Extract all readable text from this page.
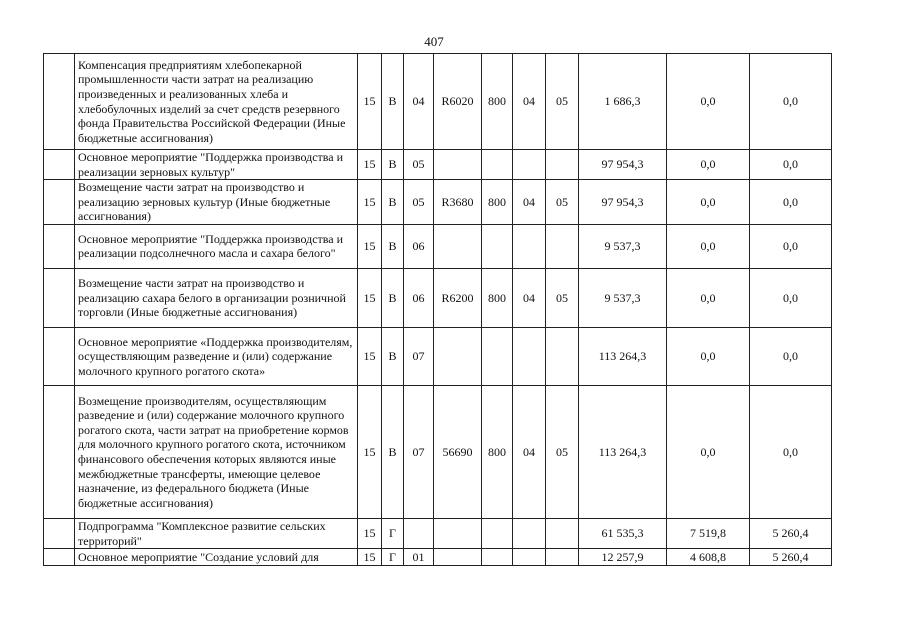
407
	Компенсация предприятиям хлебопекарной промышленности части затрат на реализацию произведенных и реализованных хлеба и хлебобулочных изделий за счет средств резервного фонда Правительства Российской Федерации (Иные бюджетные ассигнования)	15	В	04	R6020	800	04	05	1 686,3	0,0	0,0
	Основное мероприятие "Поддержка производства и реализации зерновых культур"	15	В	05					97 954,3	0,0	0,0
	Возмещение части затрат на производство и реализацию зерновых культур (Иные бюджетные ассигнования)	15	В	05	R3680	800	04	05	97 954,3	0,0	0,0
	Основное мероприятие "Поддержка производства и реализации подсолнечного масла и сахара белого"	15	В	06					9 537,3	0,0	0,0
	Возмещение части затрат на производство и реализацию сахара белого в организации розничной торговли (Иные бюджетные ассигнования)	15	В	06	R6200	800	04	05	9 537,3	0,0	0,0
	Основное мероприятие «Поддержка производителям, осуществляющим разведение и (или) содержание молочного крупного рогатого скота»	15	В	07					113 264,3	0,0	0,0
	Возмещение производителям, осуществляющим разведение и (или) содержание молочного крупного рогатого скота, части затрат на приобретение кормов для молочного крупного рогатого скота, источником финансового обеспечения которых являются иные межбюджетные трансферты, имеющие целевое назначение, из федерального бюджета (Иные бюджетные ассигнования)	15	В	07	56690	800	04	05	113 264,3	0,0	0,0
	Подпрограмма "Комплексное развитие сельских территорий"	15	Г						61 535,3	7 519,8	5 260,4
	Основное мероприятие "Создание условий для	15	Г	01					12 257,9	4 608,8	5 260,4
